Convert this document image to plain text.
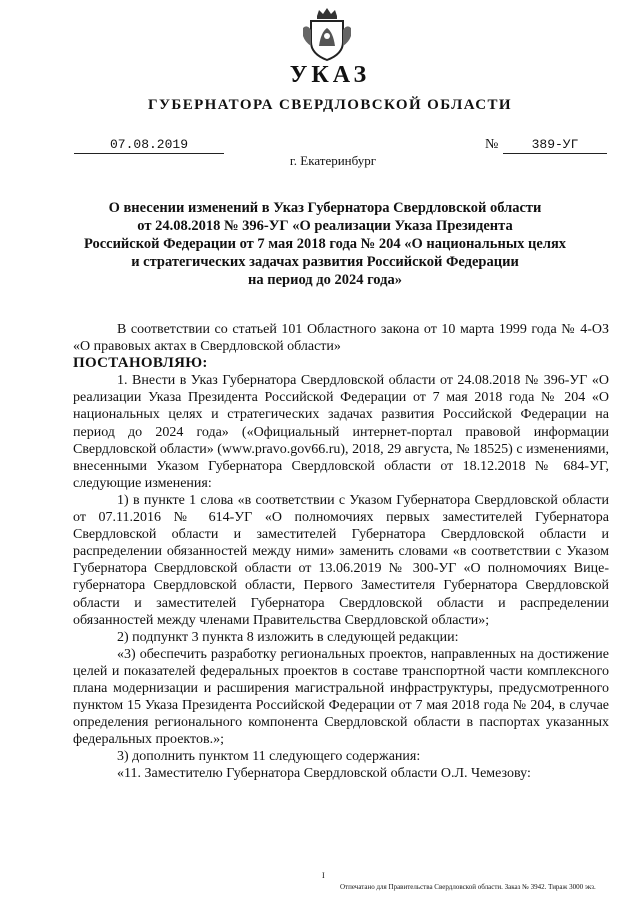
УКАЗ
ГУБЕРНАТОРА СВЕРДЛОВСКОЙ ОБЛАСТИ
07.08.2019	№	389-УГ
г. Екатеринбург
О внесении изменений в Указ Губернатора Свердловской области
от 24.08.2018 № 396-УГ «О реализации Указа Президента
Российской Федерации от 7 мая 2018 года № 204 «О национальных целях
и стратегических задачах развития Российской Федерации
на период до 2024 года»
В соответствии со статьей 101 Областного закона от 10 марта 1999 года № 4-ОЗ «О правовых актах в Свердловской области»
ПОСТАНОВЛЯЮ:
1. Внести в Указ Губернатора Свердловской области от 24.08.2018 № 396-УГ «О реализации Указа Президента Российской Федерации от 7 мая 2018 года № 204 «О национальных целях и стратегических задачах развития Российской Федерации на период до 2024 года» («Официальный интернет-портал правовой информации Свердловской области» (www.pravo.gov66.ru), 2018, 29 августа, № 18525) с изменениями, внесенными Указом Губернатора Свердловской области от 18.12.2018 № 684-УГ, следующие изменения:
1) в пункте 1 слова «в соответствии с Указом Губернатора Свердловской области от 07.11.2016 № 614-УГ «О полномочиях первых заместителей Губернатора Свердловской области и заместителей Губернатора Свердловской области и распределении обязанностей между ними» заменить словами «в соответствии с Указом Губернатора Свердловской области от 13.06.2019 № 300-УГ «О полномочиях Вице-губернатора Свердловской области, Первого Заместителя Губернатора Свердловской области и заместителей Губернатора Свердловской области и распределении обязанностей между членами Правительства Свердловской области»;
2) подпункт 3 пункта 8 изложить в следующей редакции:
«3) обеспечить разработку региональных проектов, направленных на достижение целей и показателей федеральных проектов в составе транспортной части комплексного плана модернизации и расширения магистральной инфраструктуры, предусмотренного пунктом 15 Указа Президента Российской Федерации от 7 мая 2018 года № 204, в случае определения регионального компонента Свердловской области в паспортах указанных федеральных проектов.»;
3) дополнить пунктом 11 следующего содержания:
«11. Заместителю Губернатора Свердловской области О.Л. Чемезову:
I
Отпечатано для Правительства Свердловской области. Заказ № 3942. Тираж 3000 экз.
